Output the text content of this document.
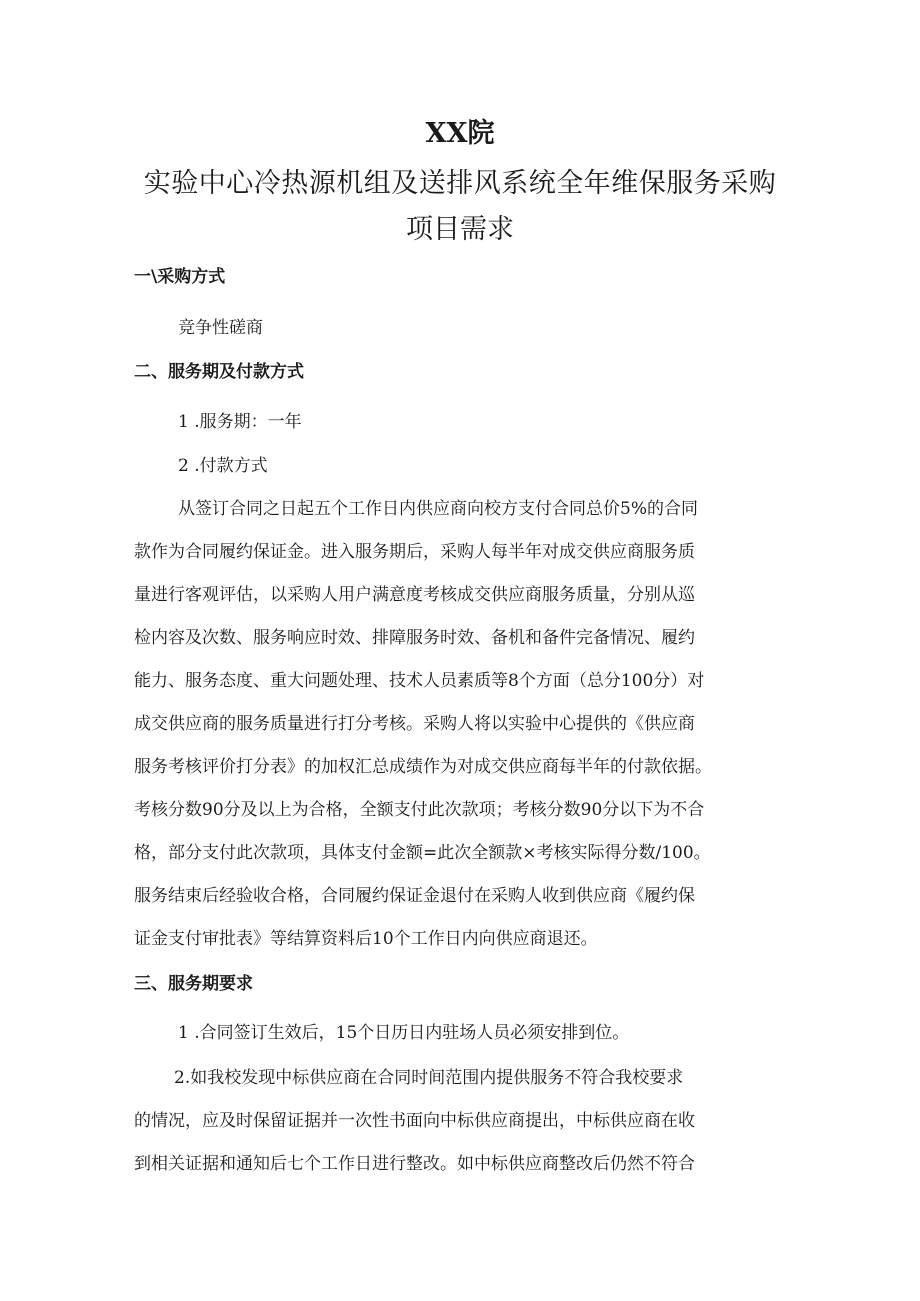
XX院
实验中心冷热源机组及送排风系统全年维保服务采购
项目需求
一\采购方式
竞争性磋商
二、服务期及付款方式
1 .服务期：一年
2 .付款方式
从签订合同之日起五个工作日内供应商向校方支付合同总价5%的合同
款作为合同履约保证金。进入服务期后，采购人每半年对成交供应商服务质
量进行客观评估，以采购人用户满意度考核成交供应商服务质量，分别从巡
检内容及次数、服务响应时效、排障服务时效、备机和备件完备情况、履约
能力、服务态度、重大问题处理、技术人员素质等8个方面（总分100分）对
成交供应商的服务质量进行打分考核。采购人将以实验中心提供的《供应商
服务考核评价打分表》的加权汇总成绩作为对成交供应商每半年的付款依据。
考核分数90分及以上为合格，全额支付此次款项；考核分数90分以下为不合
格，部分支付此次款项，具体支付金额=此次全额款×考核实际得分数/100。
服务结束后经验收合格，合同履约保证金退付在采购人收到供应商《履约保
证金支付审批表》等结算资料后10个工作日内向供应商退还。
三、服务期要求
1 .合同签订生效后，15个日历日内驻场人员必须安排到位。
2.如我校发现中标供应商在合同时间范围内提供服务不符合我校要求
的情况，应及时保留证据并一次性书面向中标供应商提出，中标供应商在收
到相关证据和通知后七个工作日进行整改。如中标供应商整改后仍然不符合
